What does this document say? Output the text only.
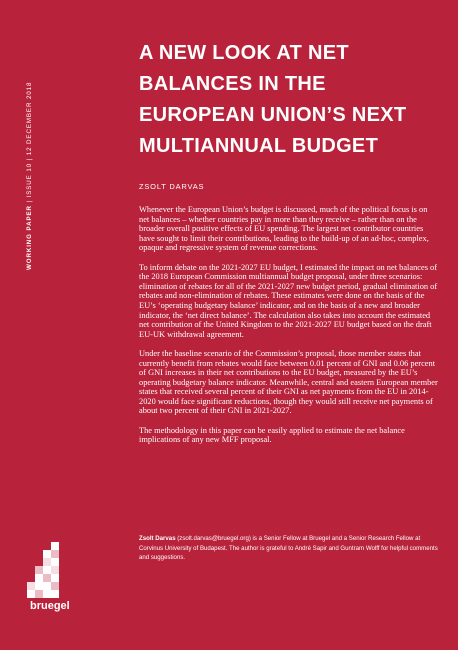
WORKING PAPER | ISSUE 10 | 12 DECEMBER 2018
A NEW LOOK AT NET BALANCES IN THE EUROPEAN UNION’S NEXT MULTIANNUAL BUDGET
ZSOLT DARVAS

Whenever the European Union’s budget is discussed, much of the political focus is on net balances – whether countries pay in more than they receive – rather than on the broader overall positive effects of EU spending. The largest net contributor countries have sought to limit their contributions, leading to the build-up of an ad-hoc, complex, opaque and regressive system of revenue corrections.

To inform debate on the 2021-2027 EU budget, I estimated the impact on net balances of the 2018 European Commission multiannual budget proposal, under three scenarios: elimination of rebates for all of the 2021-2027 new budget period, gradual elimination of rebates and non-elimination of rebates. These estimates were done on the basis of the EU’s ‘operating budgetary balance’ indicator, and on the basis of a new and broader indicator, the ‘net direct balance’. The calculation also takes into account the estimated net contribution of the United Kingdom to the 2021-2027 EU budget based on the draft EU-UK withdrawal agreement.

Under the baseline scenario of the Commission’s proposal, those member states that currently benefit from rebates would face between 0.01 percent of GNI and 0.06 percent of GNI increases in their net contributions to the EU budget, measured by the EU’s operating budgetary balance indicator. Meanwhile, central and eastern European member states that received several percent of their GNI as net payments from the EU in 2014-2020 would face significant reductions, though they would still receive net payments of about two percent of their GNI in 2021-2027.

The methodology in this paper can be easily applied to estimate the net balance implications of any new MFF proposal.

Zsolt Darvas (zsolt.darvas@bruegel.org) is a Senior Fellow at Bruegel and a Senior Research Fellow at Corvinus University of Budapest. The author is grateful to André Sapir and Guntram Wolff for helpful comments and suggestions.
bruegel
